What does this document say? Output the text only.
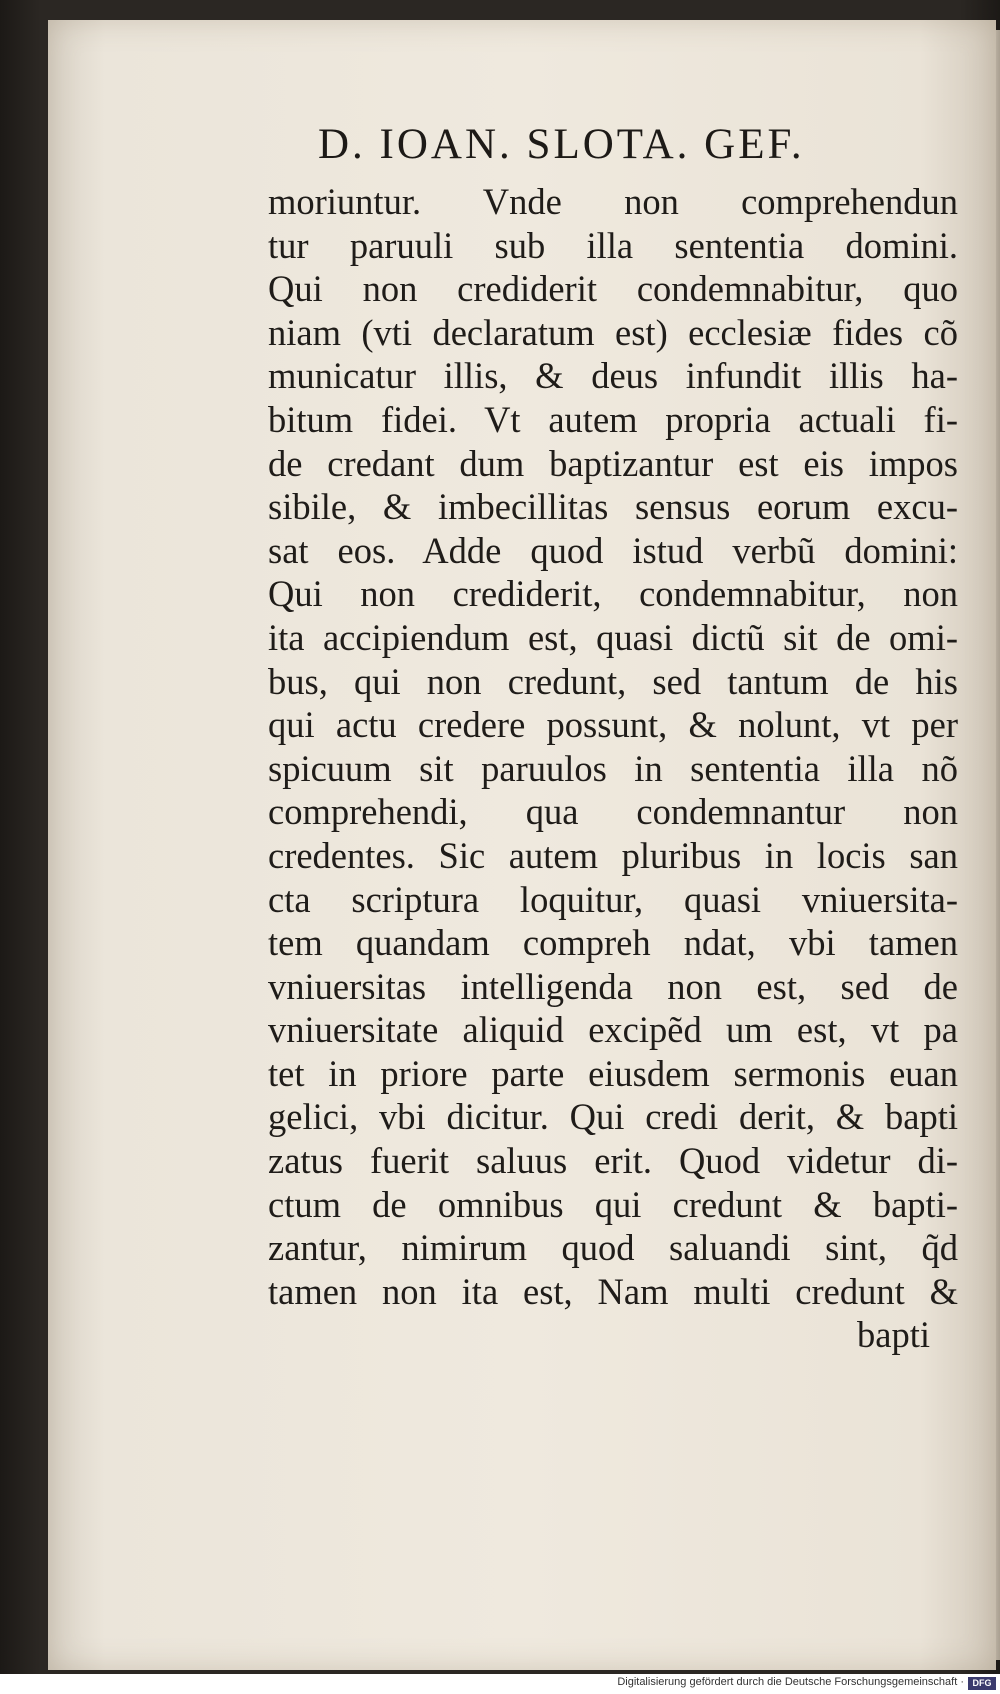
D. IOAN. SLOTA. GEF.
moriuntur. Vnde non comprehendun
tur paruuli sub illa sententia domini.
Qui non crediderit condemnabitur, quo
niam (vti declaratum est) ecclesiæ fides cõ
municatur illis, & deus infundit illis ha-
bitum fidei. Vt autem propria actuali fi-
de credant dum baptizantur est eis impos
sibile, & imbecillitas sensus eorum excu-
sat eos. Adde quod istud verbũ domini:
Qui non crediderit, condemnabitur, non
ita accipiendum est, quasi dictũ sit de omi-
bus, qui non credunt, sed tantum de his
qui actu credere possunt, & nolunt, vt per
spicuum sit paruulos in sententia illa nõ
comprehendi, qua condemnantur non
credentes. Sic autem pluribus in locis san
cta scriptura loquitur, quasi vniuersita-
tem quandam compreh ndat, vbi tamen
vniuersitas intelligenda non est, sed de
vniuersitate aliquid excipẽd um est, vt pa
tet in priore parte eiusdem sermonis euan
gelici, vbi dicitur. Qui credi derit, & bapti
zatus fuerit saluus erit. Quod videtur di-
ctum de omnibus qui credunt & bapti-
zantur, nimirum quod saluandi sint, q̃d
tamen non ita est, Nam multi credunt &
bapti
Digitalisierung gefördert durch die Deutsche Forschungsgemeinschaft · DFG
